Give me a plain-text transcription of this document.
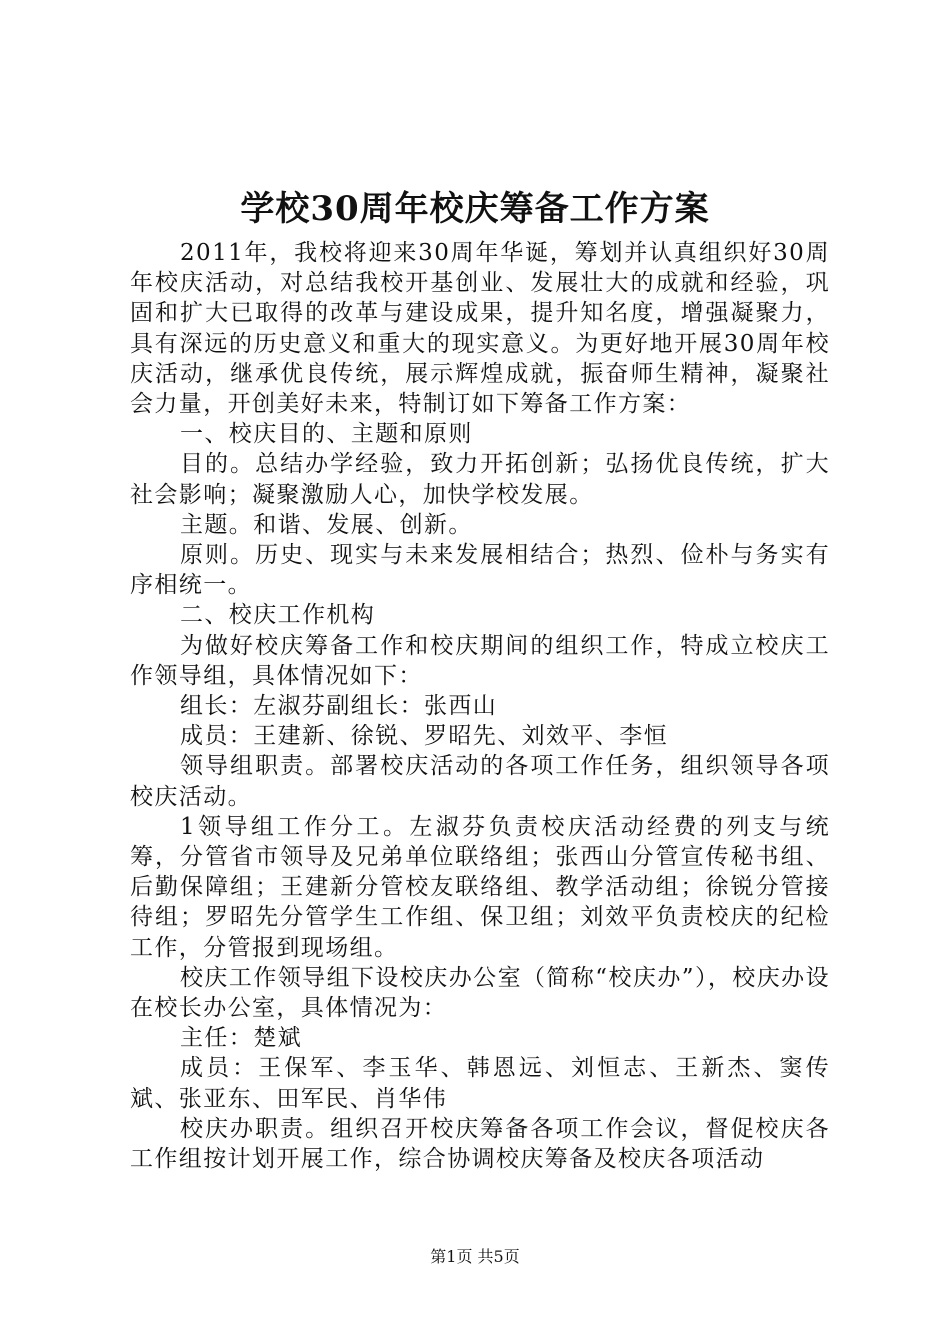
学校30周年校庆筹备工作方案

2011年，我校将迎来30周年华诞，筹划并认真组织好30周年校庆活动，对总结我校开基创业、发展壮大的成就和经验，巩固和扩大已取得的改革与建设成果，提升知名度，增强凝聚力，具有深远的历史意义和重大的现实意义。为更好地开展30周年校庆活动，继承优良传统，展示辉煌成就，振奋师生精神，凝聚社会力量，开创美好未来，特制订如下筹备工作方案：

一、校庆目的、主题和原则

目的。总结办学经验，致力开拓创新；弘扬优良传统，扩大社会影响；凝聚激励人心，加快学校发展。

主题。和谐、发展、创新。

原则。历史、现实与未来发展相结合；热烈、俭朴与务实有序相统一。

二、校庆工作机构

为做好校庆筹备工作和校庆期间的组织工作，特成立校庆工作领导组，具体情况如下：

组长：左淑芬副组长：张西山

成员：王建新、徐锐、罗昭先、刘效平、李恒

领导组职责。部署校庆活动的各项工作任务，组织领导各项校庆活动。

1领导组工作分工。左淑芬负责校庆活动经费的列支与统筹，分管省市领导及兄弟单位联络组；张西山分管宣传秘书组、后勤保障组；王建新分管校友联络组、教学活动组；徐锐分管接待组；罗昭先分管学生工作组、保卫组；刘效平负责校庆的纪检工作，分管报到现场组。

校庆工作领导组下设校庆办公室（简称“校庆办”），校庆办设在校长办公室，具体情况为：

主任：楚斌

成员：王保军、李玉华、韩恩远、刘恒志、王新杰、窦传斌、张亚东、田军民、肖华伟

校庆办职责。组织召开校庆筹备各项工作会议，督促校庆各工作组按计划开展工作，综合协调校庆筹备及校庆各项活动

第1页 共5页
